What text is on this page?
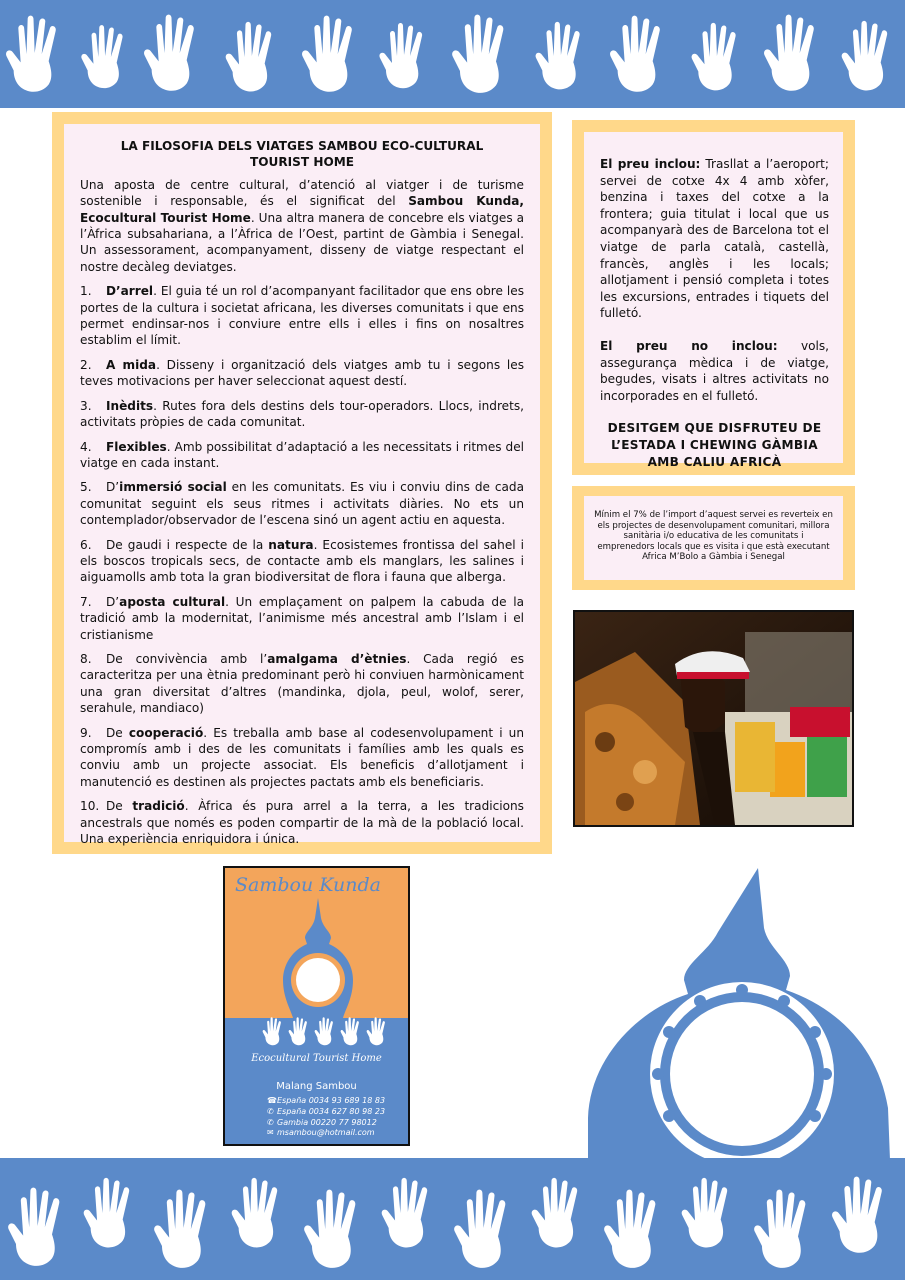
LA FILOSOFIA DELS VIATGES SAMBOU ECO-CULTURAL TOURIST HOME

Una aposta de centre cultural, d’atenció al viatger i de turisme sostenible i responsable, és el significat del Sambou Kunda, Ecocultural Tourist Home. Una altra manera de concebre els viatges a l’Àfrica subsahariana, a l’Àfrica de l’Oest, partint de Gàmbia i Senegal. Un assessorament, acompanyament, disseny de viatge respectant el nostre decàleg deviatges.

1. D’arrel. El guia té un rol d’acompanyant facilitador que ens obre les portes de la cultura i societat africana, les diverses comunitats i que ens permet endinsar-nos i conviure entre ells i elles i fins on nosaltres establim el límit.

2. A mida. Disseny i organització dels viatges amb tu i segons les teves motivacions per haver seleccionat aquest destí.

3. Inèdits. Rutes fora dels destins dels tour-operadors. Llocs, indrets, activitats pròpies de cada comunitat.

4. Flexibles. Amb possibilitat d’adaptació a les necessitats i ritmes del viatge en cada instant.

5. D’immersió social en les comunitats. Es viu i conviu dins de cada comunitat seguint els seus ritmes i activitats diàries. No ets un contemplador/observador de l’escena sinó un agent actiu en aquesta.

6. De gaudi i respecte de la natura. Ecosistemes frontissa del sahel i els boscos tropicals secs, de contacte amb els manglars, les salines i aiguamolls amb tota la gran biodiversitat de flora i fauna que alberga.

7. D’aposta cultural. Un emplaçament on palpem la cabuda de la tradició amb la modernitat, l’animisme més ancestral amb l’Islam i el cristianisme

8. De convivència amb l’amalgama d’ètnies. Cada regió es caracteritza per una ètnia predominant però hi conviuen harmònicament una gran diversitat d’altres (mandinka, djola, peul, wolof, serer, serahule, mandiaco)

9. De cooperació. Es treballa amb base al codesenvolupament i un compromís amb i des de les comunitats i famílies amb les quals es conviu amb un projecte associat. Els beneficis d’allotjament i manutenció es destinen als projectes pactats amb els beneficiaris.

10. De tradició. Àfrica és pura arrel a la terra, a les tradicions ancestrals que només es poden compartir de la mà de la població local. Una experiència enriquidora i única.

El preu inclou: Trasllat a l’aeroport; servei de cotxe 4x 4 amb xòfer, benzina i taxes del cotxe a la frontera; guia titulat i local que us acompanyarà des de Barcelona tot el viatge de parla català, castellà, francès, anglès i les locals; allotjament i pensió completa i totes les excursions, entrades i tiquets del fulletó.

El preu no inclou: vols, assegurança mèdica i de viatge, begudes, visats i altres activitats no incorporades en el fulletó.

DESITGEM QUE DISFRUTEU DE L’ESTADA I CHEWING GÀMBIA AMB CALIU AFRICÀ
Mínim el 7% de l’import d’aquest servei es reverteix en els projectes de desenvolupament comunitari, millora sanitària i/o educativa de les comunitats i emprenedors locals que es visita i que està executant Africa M’Bolo a Gàmbia i Senegal
Sambou Kunda
Ecocultural Tourist Home
Malang Sambou
☎España 0034 93 689 18 83
✆ España 0034 627 80 98 23
✆ Gambia 00220 77 98012
✉ msambou@hotmail.com
